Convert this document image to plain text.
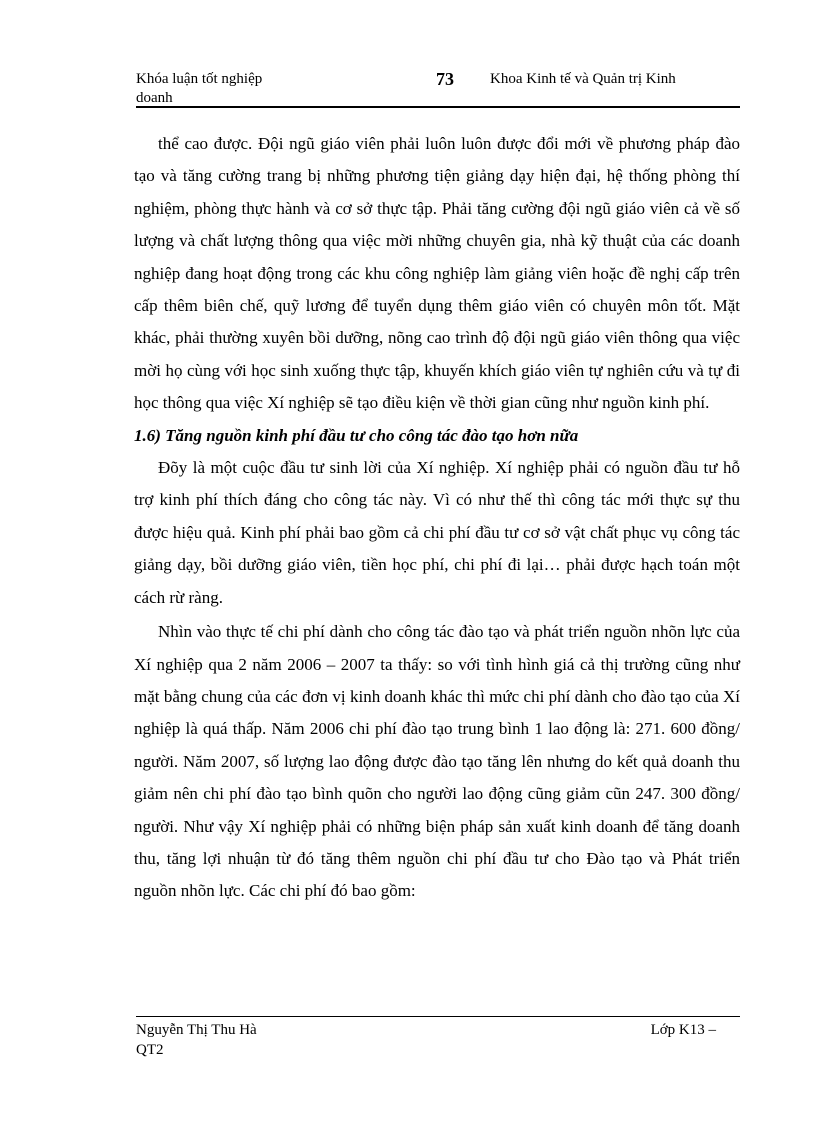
Khóa luận tốt nghiệp
doanh
73 Khoa Kinh tế và Quản trị Kinh

thể cao được. Đội ngũ giáo viên phải luôn luôn được đổi mới về phương pháp đào tạo và tăng cường trang bị những phương tiện giảng dạy hiện đại, hệ thống phòng thí nghiệm, phòng thực hành và cơ sở thực tập. Phải tăng cường đội ngũ giáo viên cả về số lượng và chất lượng thông qua việc mời những chuyên gia, nhà kỹ thuật của các doanh nghiệp đang hoạt động trong các khu công nghiệp làm giảng viên hoặc đề nghị cấp trên cấp thêm biên chế, quỹ lương để tuyển dụng thêm giáo viên có chuyên môn tốt. Mặt khác, phải thường xuyên bồi dưỡng, nõng cao trình độ đội ngũ giáo viên thông qua việc mời họ cùng với học sinh xuống thực tập, khuyến khích giáo viên tự nghiên cứu và tự đi học thông qua việc Xí nghiệp sẽ tạo điều kiện về thời gian cũng như nguồn kinh phí.

1.6) Tăng nguồn kinh phí đầu tư cho công tác đào tạo hơn nữa

Đõy là một cuộc đầu tư sinh lời của Xí nghiệp. Xí nghiệp phải có nguồn đầu tư hỗ trợ kinh phí thích đáng cho công tác này. Vì có như thế thì công tác mới thực sự thu được hiệu quả. Kinh phí phải bao gồm cả chi phí đầu tư cơ sở vật chất phục vụ công tác giảng dạy, bồi dưỡng giáo viên, tiền học phí, chi phí đi lại… phải được hạch toán một cách rừ ràng.

Nhìn vào thực tế chi phí dành cho công tác đào tạo và phát triển nguồn nhõn lực của Xí nghiệp qua 2 năm 2006 – 2007 ta thấy: so với tình hình giá cả thị trường cũng như mặt bằng chung của các đơn vị kinh doanh khác thì mức chi phí dành cho đào tạo của Xí nghiệp là quá thấp. Năm 2006 chi phí đào tạo trung bình 1 lao động là: 271. 600 đồng/ người. Năm 2007, số lượng lao động được đào tạo tăng lên nhưng do kết quả doanh thu giảm nên chi phí đào tạo bình quõn cho người lao động cũng giảm cũn 247. 300 đồng/ người. Như vậy Xí nghiệp phải có những biện pháp sản xuất kinh doanh để tăng doanh thu, tăng lợi nhuận từ đó tăng thêm nguồn chi phí đầu tư cho Đào tạo và Phát triển nguồn nhõn lực. Các chi phí đó bao gồm:

Nguyễn Thị Thu Hà
QT2
Lớp K13 –
